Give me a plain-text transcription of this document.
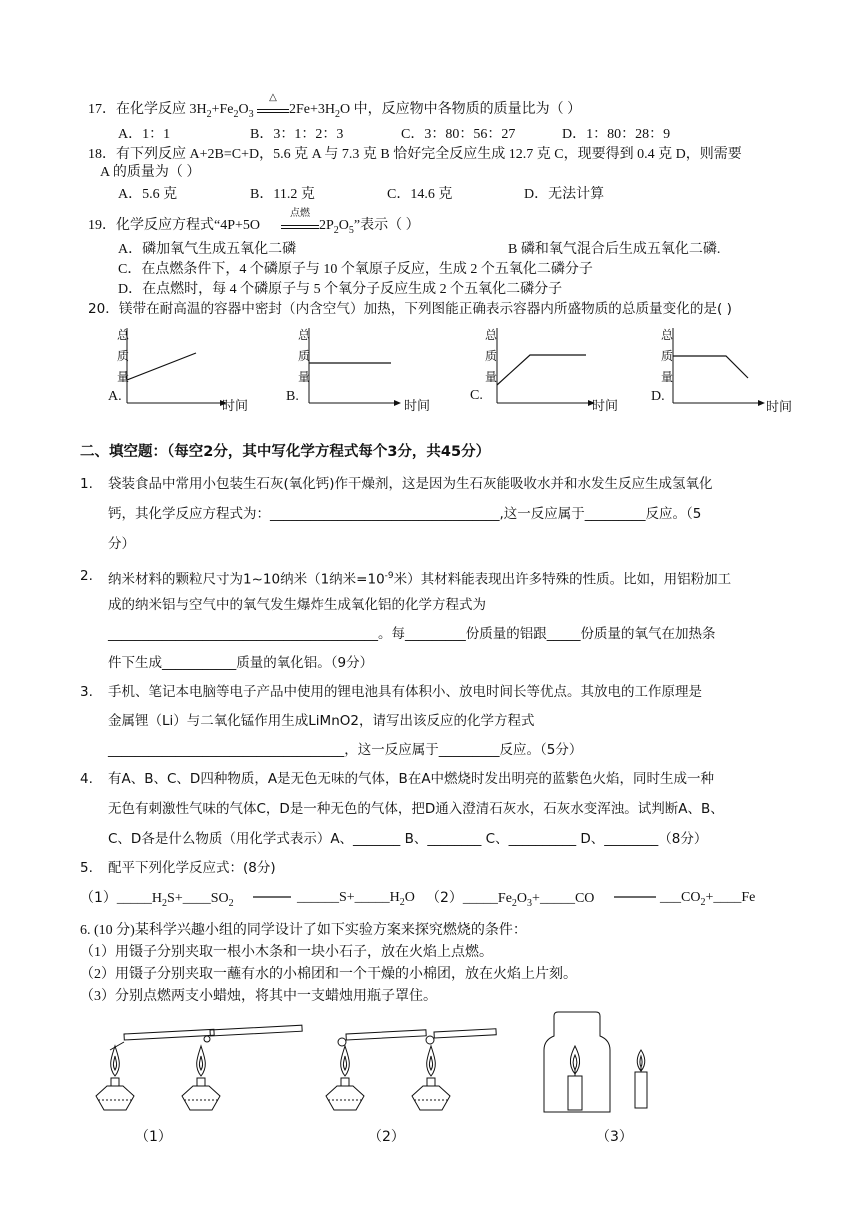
17．在化学反应 $3H_2+Fe_2O_3$
△
$2Fe+3H_2O$ 中，反应物中各物质的质量比为（ ）
A．1：1	B．3：1：2：3	C．3：80：56：27	D．1：80：28：9
18．有下列反应 A+2B=C+D，5.6 克 A 与 7.3 克 B 恰好完全反应生成 12.7 克 C，现要得到 0.4 克 D，则需要
A 的质量为（ ）
A．5.6 克	B．11.2 克	C．14.6 克	D．无法计算
19．化学反应方程式“4P+5O
点燃
$2P_2O_5$”表示（ ）
A．磷加氧气生成五氧化二磷	B 磷和氧气混合后生成五氧化二磷.
C．在点燃条件下，4 个磷原子与 10 个氧原子反应，生成 2 个五氧化二磷分子
D．在点燃时，每 4 个磷原子与 5 个氧分子反应生成 2 个五氧化二磷分子
20．镁带在耐高温的容器中密封（内含空气）加热，下列图能正确表示容器内所盛物质的总质量变化的是( )
总
质
量
A.
时间
总
质
量
B.
时间
总
质
量
C.
时间
总
质
量
D.
时间
二、填空题：（每空2分，其中写化学方程式每个3分，共45分）
1. 袋装食品中常用小包装生石灰(氧化钙)作干燥剂，这是因为生石灰能吸收水并和水发生反应生成氢氧化
钙，其化学反应方程式为：__________________________________,这一反应属于_________反应。（5
分）
2. 纳米材料的颗粒尺寸为1~10纳米（1纳米$=10^{-9}$米）其材料能表现出许多特殊的性质。比如，用铝粉加工
成的纳米铝与空气中的氧气发生爆炸生成氧化铝的化学方程式为
________________________________________。每_________份质量的铝跟_____份质量的氧气在加热条
件下生成___________质量的氧化铝。（9分）
3. 手机、笔记本电脑等电子产品中使用的锂电池具有体积小、放电时间长等优点。其放电的工作原理是
金属锂（Li）与二氧化锰作用生成LiMnO2，请写出该反应的化学方程式
___________________________________，这一反应属于_________反应。（5分）
4. 有A、B、C、D四种物质，A是无色无味的气体，B在A中燃烧时发出明亮的蓝紫色火焰，同时生成一种
无色有刺激性气味的气体C，D是一种无色的气体，把D通入澄清石灰水，石灰水变浑浊。试判断A、B、
C、D各是什么物质（用化学式表示）A、_______ B、________ C、__________ D、________（8分）
5. 配平下列化学反应式：(8分)
$(1)\_\_\_\_\_H_2S+\_\_\_\_SO_2$	$\_\_\_\_\_\_S+\_\_\_\_\_H_2O$ $(2)\_\_\_\_\_Fe_2O_3+\_\_\_\_\_CO$	$\_\_\_CO_2+\_\_\_\_Fe$
6. (10 分)某科学兴趣小组的同学设计了如下实验方案来探究燃烧的条件：
（1）用镊子分别夹取一根小木条和一块小石子，放在火焰上点燃。
（2）用镊子分别夹取一蘸有水的小棉团和一个干燥的小棉团，放在火焰上片刻。
（3）分别点燃两支小蜡烛，将其中一支蜡烛用瓶子罩住。
（1）	（2）	（3）
